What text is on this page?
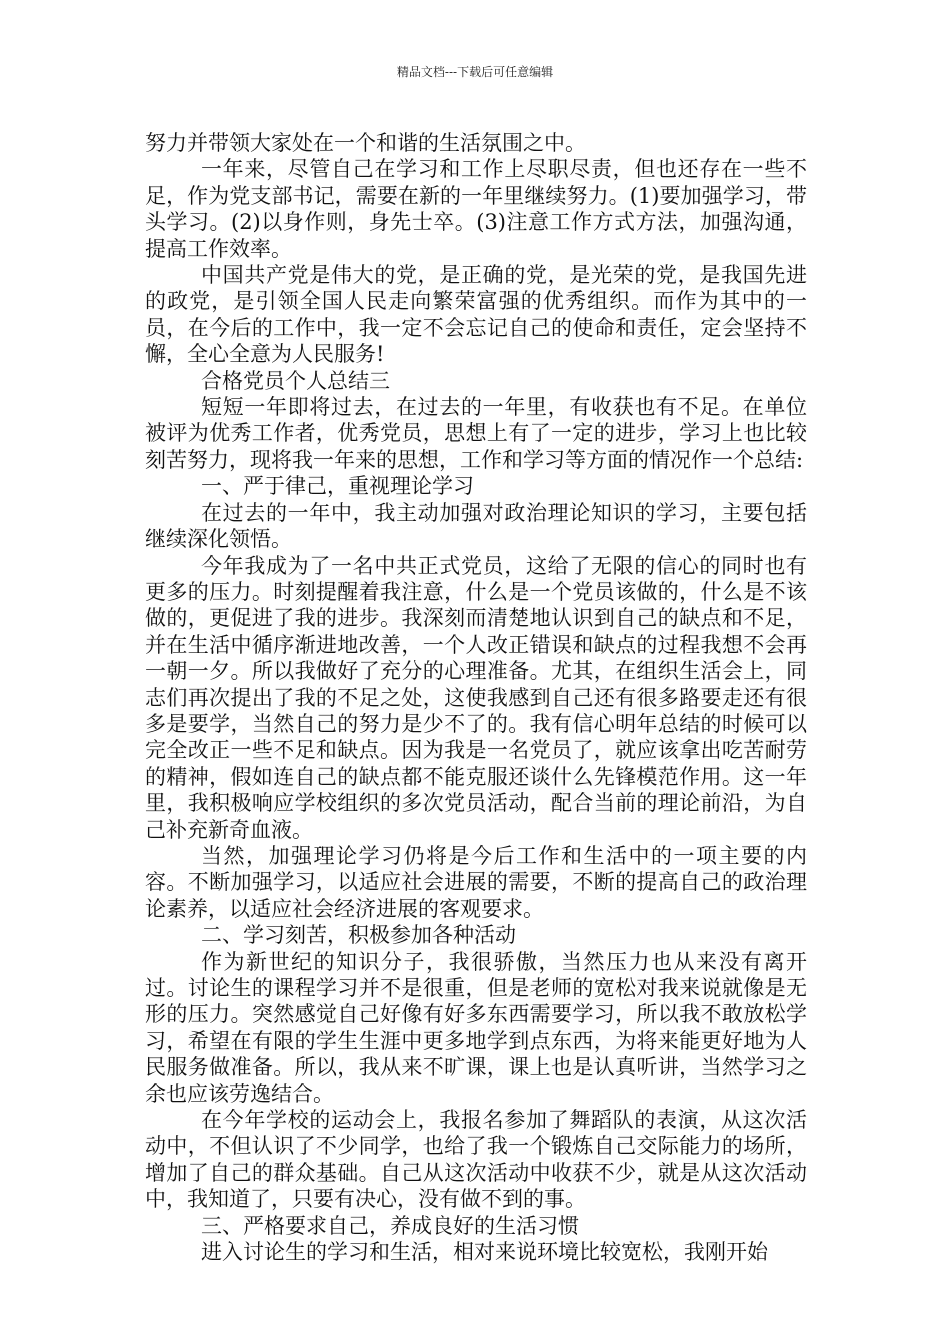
精品文档---下载后可任意编辑

努力并带领大家处在一个和谐的生活氛围之中。

一年来，尽管自己在学习和工作上尽职尽责，但也还存在一些不足，作为党支部书记，需要在新的一年里继续努力。(1)要加强学习，带头学习。(2)以身作则，身先士卒。(3)注意工作方式方法，加强沟通，提高工作效率。

中国共产党是伟大的党，是正确的党，是光荣的党，是我国先进的政党，是引领全国人民走向繁荣富强的优秀组织。而作为其中的一员，在今后的工作中，我一定不会忘记自己的使命和责任，定会坚持不懈，全心全意为人民服务!

合格党员个人总结三

短短一年即将过去，在过去的一年里，有收获也有不足。在单位被评为优秀工作者，优秀党员，思想上有了一定的进步，学习上也比较刻苦努力，现将我一年来的思想，工作和学习等方面的情况作一个总结:

一、严于律己，重视理论学习

在过去的一年中，我主动加强对政治理论知识的学习，主要包括继续深化领悟。

今年我成为了一名中共正式党员，这给了无限的信心的同时也有更多的压力。时刻提醒着我注意，什么是一个党员该做的，什么是不该做的，更促进了我的进步。我深刻而清楚地认识到自己的缺点和不足，并在生活中循序渐进地改善，一个人改正错误和缺点的过程我想不会再一朝一夕。所以我做好了充分的心理准备。尤其，在组织生活会上，同志们再次提出了我的不足之处，这使我感到自己还有很多路要走还有很多是要学，当然自己的努力是少不了的。我有信心明年总结的时候可以完全改正一些不足和缺点。因为我是一名党员了，就应该拿出吃苦耐劳的精神，假如连自己的缺点都不能克服还谈什么先锋模范作用。这一年里，我积极响应学校组织的多次党员活动，配合当前的理论前沿，为自己补充新奇血液。

当然，加强理论学习仍将是今后工作和生活中的一项主要的内容。不断加强学习，以适应社会进展的需要，不断的提高自己的政治理论素养，以适应社会经济进展的客观要求。

二、学习刻苦，积极参加各种活动

作为新世纪的知识分子，我很骄傲，当然压力也从来没有离开过。讨论生的课程学习并不是很重，但是老师的宽松对我来说就像是无形的压力。突然感觉自己好像有好多东西需要学习，所以我不敢放松学习，希望在有限的学生生涯中更多地学到点东西，为将来能更好地为人民服务做准备。所以，我从来不旷课，课上也是认真听讲，当然学习之余也应该劳逸结合。

在今年学校的运动会上，我报名参加了舞蹈队的表演，从这次活动中，不但认识了不少同学，也给了我一个锻炼自己交际能力的场所，增加了自己的群众基础。自己从这次活动中收获不少，就是从这次活动中，我知道了，只要有决心，没有做不到的事。

三、严格要求自己，养成良好的生活习惯

进入讨论生的学习和生活，相对来说环境比较宽松，我刚开始
